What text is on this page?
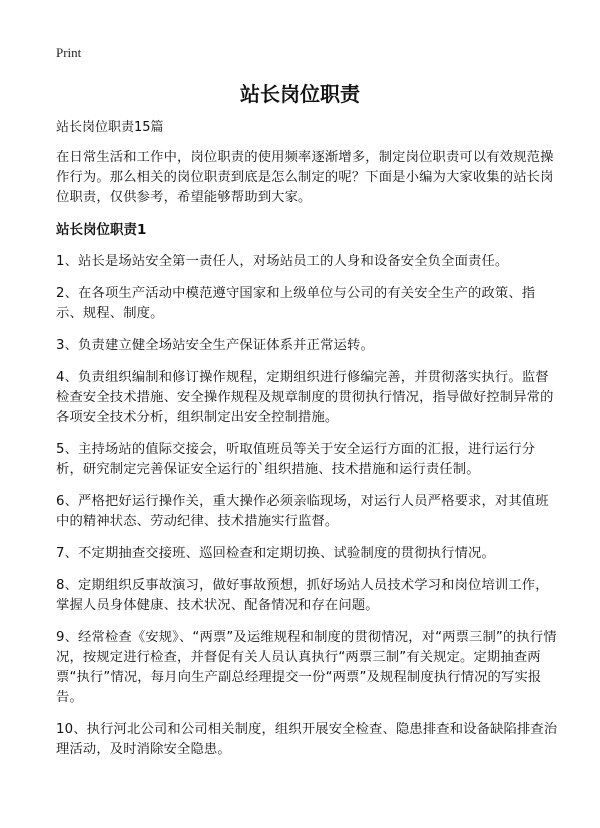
Print
站长岗位职责

站长岗位职责15篇

在日常生活和工作中，岗位职责的使用频率逐渐增多，制定岗位职责可以有效规范操作行为。那么相关的岗位职责到底是怎么制定的呢？下面是小编为大家收集的站长岗位职责，仅供参考，希望能够帮助到大家。

站长岗位职责1

1、站长是场站安全第一责任人，对场站员工的人身和设备安全负全面责任。

2、在各项生产活动中模范遵守国家和上级单位与公司的有关安全生产的政策、指示、规程、制度。

3、负责建立健全场站安全生产保证体系并正常运转。

4、负责组织编制和修订操作规程，定期组织进行修编完善，并贯彻落实执行。监督检查安全技术措施、安全操作规程及规章制度的贯彻执行情况，指导做好控制异常的各项安全技术分析，组织制定出安全控制措施。

5、主持场站的值际交接会，听取值班员等关于安全运行方面的汇报，进行运行分析，研究制定完善保证安全运行的`组织措施、技术措施和运行责任制。

6、严格把好运行操作关，重大操作必须亲临现场，对运行人员严格要求，对其值班中的精神状态、劳动纪律、技术措施实行监督。

7、不定期抽查交接班、巡回检查和定期切换、试验制度的贯彻执行情况。

8、定期组织反事故演习，做好事故预想，抓好场站人员技术学习和岗位培训工作，掌握人员身体健康、技术状况、配备情况和存在问题。

9、经常检查《安规》、“两票”及运维规程和制度的贯彻情况，对“两票三制”的执行情况，按规定进行检查，并督促有关人员认真执行“两票三制”有关规定。定期抽查两票“执行”情况，每月向生产副总经理提交一份“两票”及规程制度执行情况的写实报告。

10、执行河北公司和公司相关制度，组织开展安全检查、隐患排查和设备缺陷排查治理活动，及时消除安全隐患。
